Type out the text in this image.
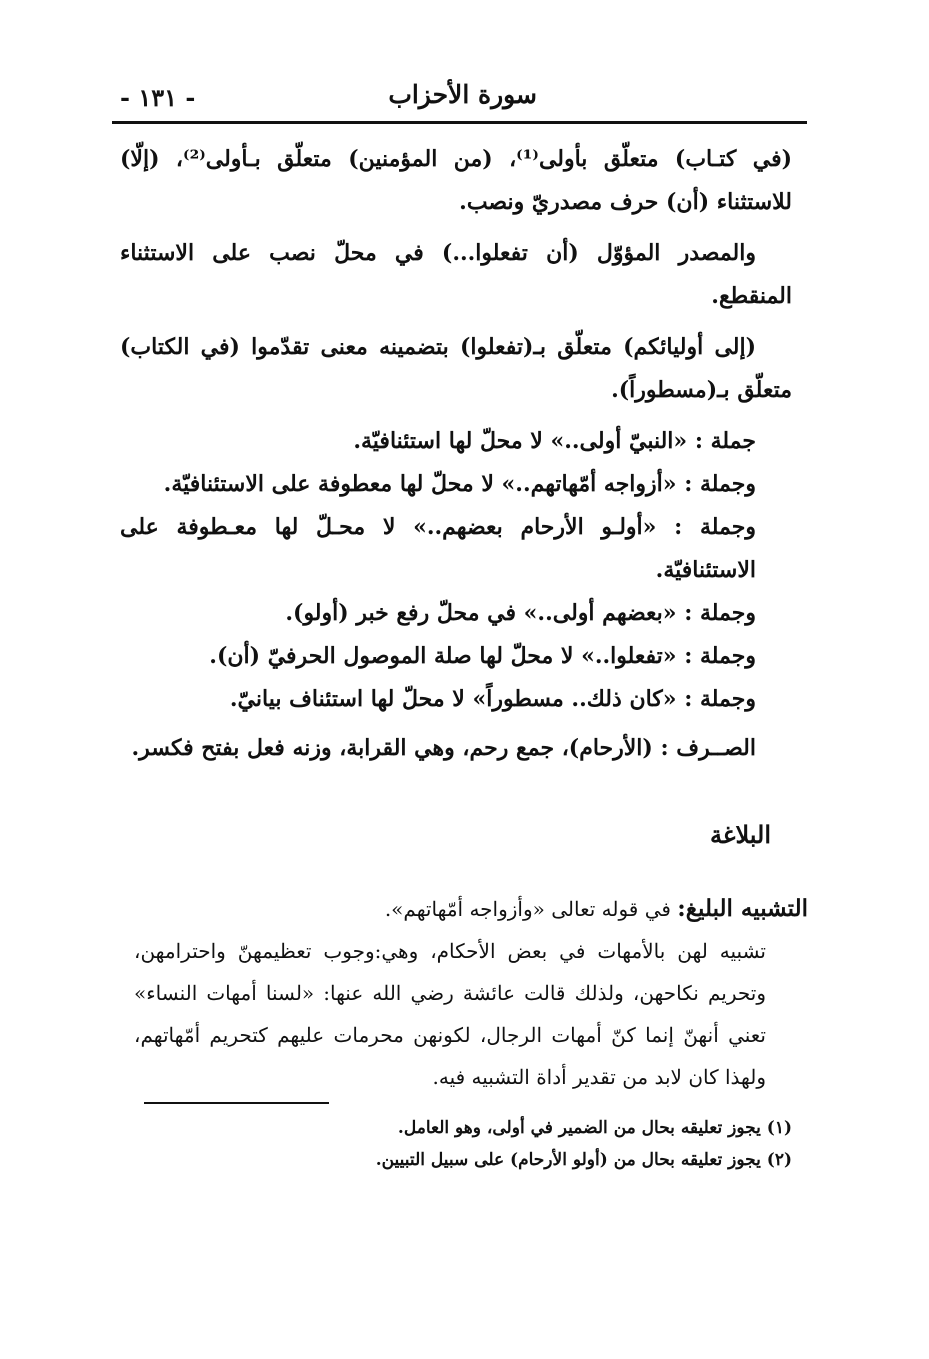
سورة الأحزاب
- ١٣١ -

(في كتـاب) متعلّق بأولى⁽¹⁾، (من المؤمنين) متعلّق بـأولى⁽²⁾، (إلّا) للاستثناء (أن) حرف مصدريّ ونصب.

والمصدر المؤوّل (أن تفعلوا...) في محلّ نصب على الاستثناء المنقطع.

(إلى أوليائكم) متعلّق بـ(تفعلوا) بتضمينه معنى تقدّموا (في الكتاب) متعلّق بـ(مسطوراً).

جملة : «النبيّ أولى..» لا محلّ لها استئنافيّة.
وجملة : «أزواجه أمّهاتهم..» لا محلّ لها معطوفة على الاستئنافيّة.
وجملة : «أولـو الأرحام بعضهم..» لا محـلّ لها معـطوفة على الاستئنافيّة.
وجملة : «بعضهم أولى..» في محلّ رفع خبر (أولو).
وجملة : «تفعلوا..» لا محلّ لها صلة الموصول الحرفيّ (أن).
وجملة : «كان ذلك.. مسطوراً» لا محلّ لها استئناف بيانيّ.

الصــرف : (الأرحام)، جمع رحم، وهي القرابة، وزنه فعل بفتح فكسر.

البلاغة

التشبيه البليغ: في قوله تعالى «وأزواجه أمّهاتهم».

تشبيه لهن بالأمهات في بعض الأحكام، وهي:وجوب تعظيمهنّ واحترامهن، وتحريم نكاحهن، ولذلك قالت عائشة رضي الله عنها: «لسنا أمهات النساء» تعني أنهنّ إنما كنّ أمهات الرجال، لكونهن محرمات عليهم كتحريم أمّهاتهم، ولهذا كان لابد من تقدير أداة التشبيه فيه.

(١) يجوز تعليقه بحال من الضمير في أولى، وهو العامل.

(٢) يجوز تعليقه بحال من (أولو الأرحام) على سبيل التبيين.
